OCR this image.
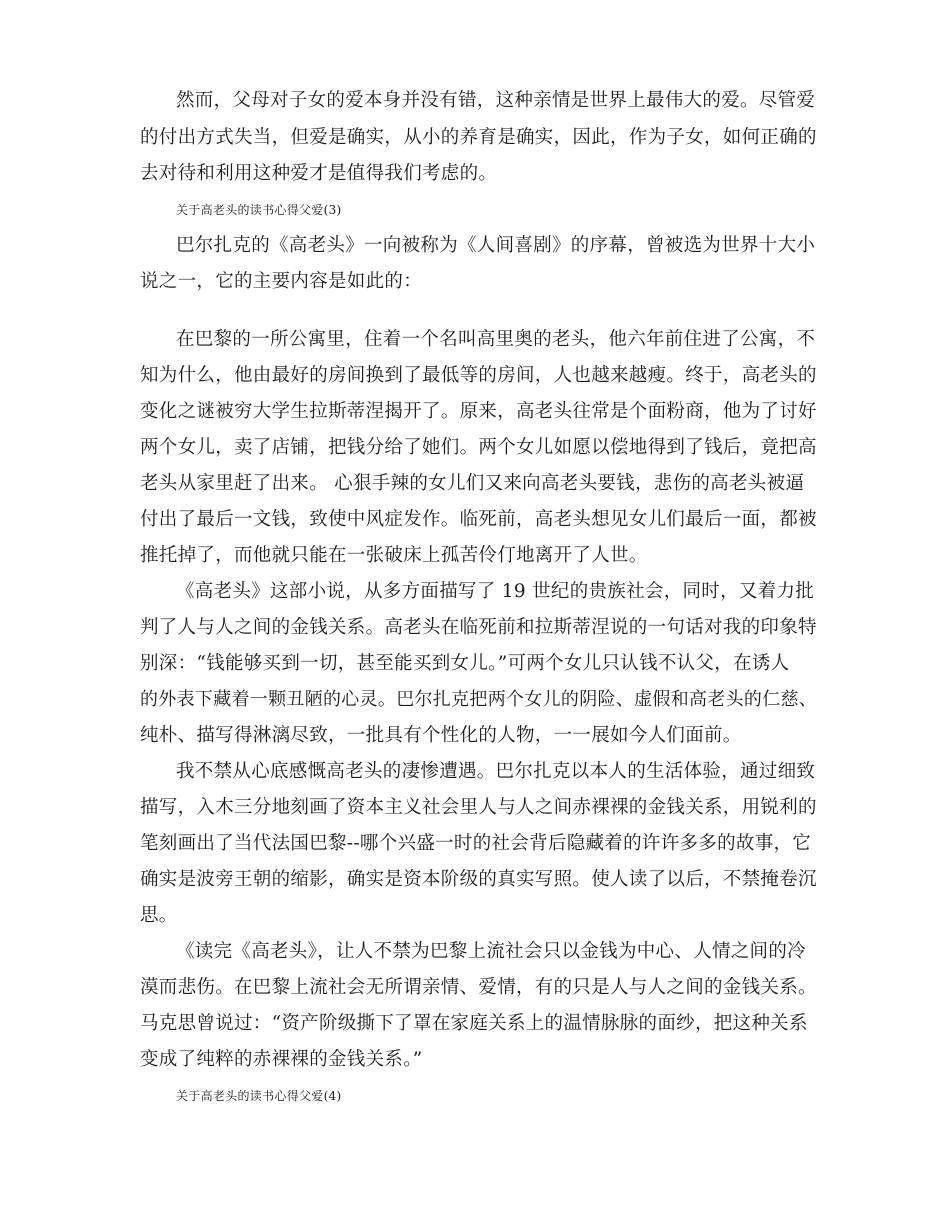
然而，父母对子女的爱本身并没有错，这种亲情是世界上最伟大的爱。尽管爱
的付出方式失当，但爱是确实，从小的养育是确实，因此，作为子女，如何正确的
去对待和利用这种爱才是值得我们考虑的。
关于高老头的读书心得父爱(3)
巴尔扎克的《高老头》一向被称为《人间喜剧》的序幕，曾被选为世界十大小
说之一，它的主要内容是如此的：
在巴黎的一所公寓里，住着一个名叫高里奥的老头，他六年前住进了公寓，不
知为什么，他由最好的房间换到了最低等的房间，人也越来越瘦。终于，高老头的
变化之谜被穷大学生拉斯蒂涅揭开了。原来，高老头往常是个面粉商，他为了讨好
两个女儿，卖了店铺，把钱分给了她们。两个女儿如愿以偿地得到了钱后，竟把高
老头从家里赶了出来。 心狠手辣的女儿们又来向高老头要钱，悲伤的高老头被逼
付出了最后一文钱，致使中风症发作。临死前，高老头想见女儿们最后一面，都被
推托掉了，而他就只能在一张破床上孤苦伶仃地离开了人世。
《高老头》这部小说，从多方面描写了 19 世纪的贵族社会，同时，又着力批
判了人与人之间的金钱关系。高老头在临死前和拉斯蒂涅说的一句话对我的印象特
别深：“钱能够买到一切，甚至能买到女儿。”可两个女儿只认钱不认父，在诱人
的外表下藏着一颗丑陋的心灵。巴尔扎克把两个女儿的阴险、虚假和高老头的仁慈、
纯朴、描写得淋漓尽致，一批具有个性化的人物，一一展如今人们面前。
我不禁从心底感慨高老头的凄惨遭遇。巴尔扎克以本人的生活体验，通过细致
描写，入木三分地刻画了资本主义社会里人与人之间赤裸裸的金钱关系，用锐利的
笔刻画出了当代法国巴黎--哪个兴盛一时的社会背后隐藏着的许许多多的故事，它
确实是波旁王朝的缩影，确实是资本阶级的真实写照。使人读了以后，不禁掩卷沉
思。
《读完《高老头》，让人不禁为巴黎上流社会只以金钱为中心、人情之间的冷
漠而悲伤。在巴黎上流社会无所谓亲情、爱情，有的只是人与人之间的金钱关系。
马克思曾说过：“资产阶级撕下了罩在家庭关系上的温情脉脉的面纱，把这种关系
变成了纯粹的赤裸裸的金钱关系。”
关于高老头的读书心得父爱(4)
